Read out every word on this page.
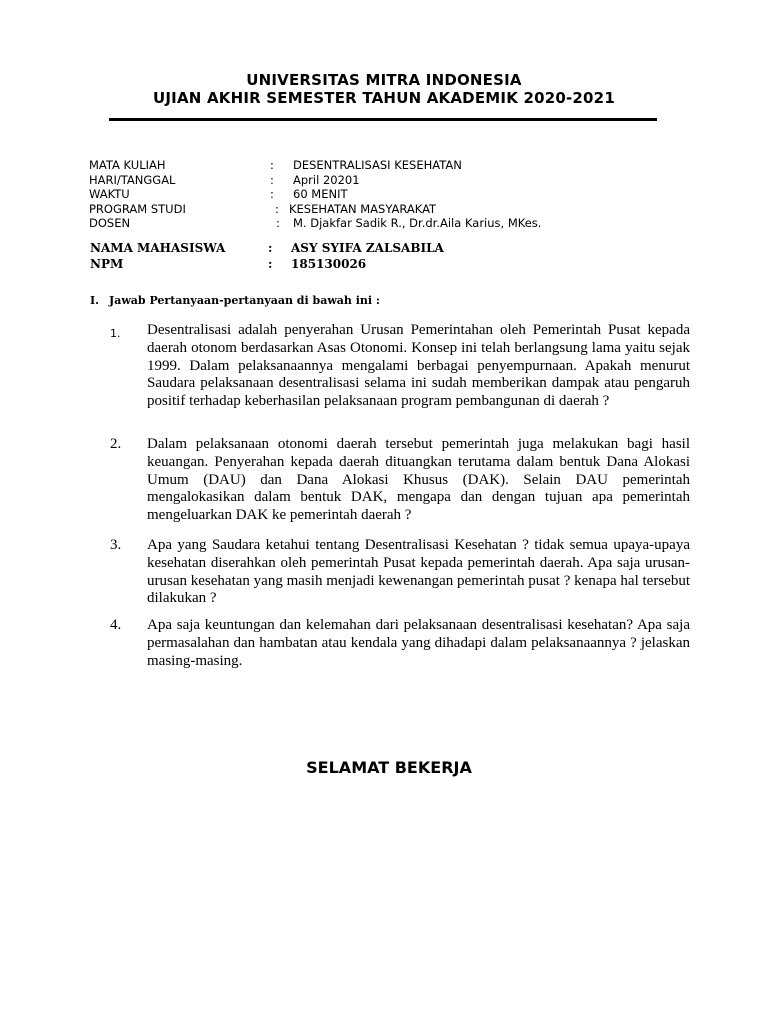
UNIVERSITAS MITRA INDONESIA
UJIAN AKHIR SEMESTER TAHUN AKADEMIK 2020-2021
MATA KULIAH	: DESENTRALISASI KESEHATAN
HARI/TANGGAL	: April 20201
WAKTU	: 60 MENIT
PROGRAM STUDI	: KESEHATAN MASYARAKAT
DOSEN	: M. Djakfar Sadik R., Dr.dr.Aila Karius, MKes.
NAMA MAHASISWA	: ASY SYIFA ZALSABILA
NPM	: 185130026
I. Jawab Pertanyaan-pertanyaan di bawah ini :
1. Desentralisasi adalah penyerahan Urusan Pemerintahan oleh Pemerintah Pusat kepada daerah otonom berdasarkan Asas Otonomi. Konsep ini telah berlangsung lama yaitu sejak 1999. Dalam pelaksanaannya mengalami berbagai penyempurnaan. Apakah menurut Saudara pelaksanaan desentralisasi selama ini sudah memberikan dampak atau pengaruh positif terhadap keberhasilan pelaksanaan program pembangunan di daerah ?
2. Dalam pelaksanaan otonomi daerah tersebut pemerintah juga melakukan bagi hasil keuangan. Penyerahan kepada daerah dituangkan terutama dalam bentuk Dana Alokasi Umum (DAU) dan Dana Alokasi Khusus (DAK). Selain DAU pemerintah mengalokasikan dalam bentuk DAK, mengapa dan dengan tujuan apa pemerintah mengeluarkan DAK ke pemerintah daerah ?
3. Apa yang Saudara ketahui tentang Desentralisasi Kesehatan ? tidak semua upaya-upaya kesehatan diserahkan oleh pemerintah Pusat kepada pemerintah daerah. Apa saja urusan-urusan kesehatan yang masih menjadi kewenangan pemerintah pusat ? kenapa hal tersebut dilakukan ?
4. Apa saja keuntungan dan kelemahan dari pelaksanaan desentralisasi kesehatan? Apa saja permasalahan dan hambatan atau kendala yang dihadapi dalam pelaksanaannya ? jelaskan masing-masing.
SELAMAT BEKERJA
